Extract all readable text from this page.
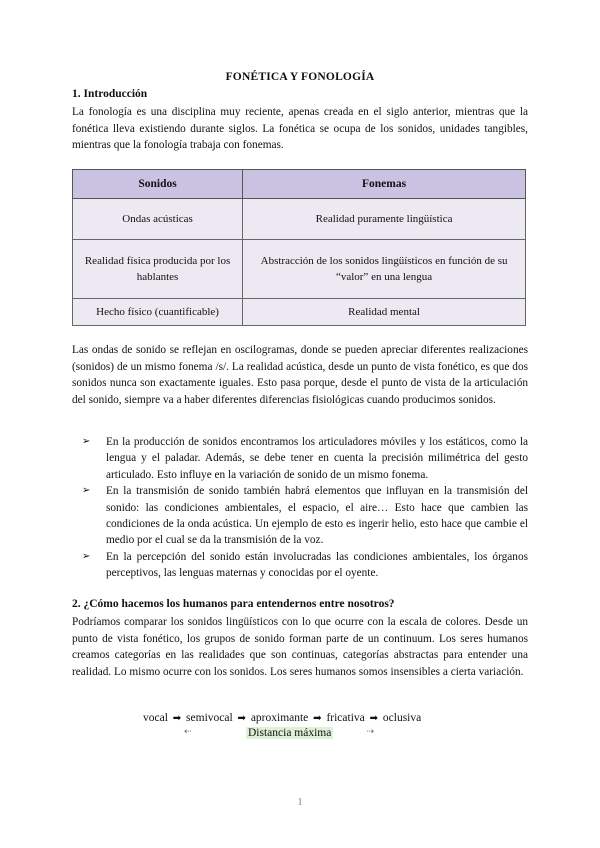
FONÉTICA Y FONOLOGÍA
1. Introducción
La fonología es una disciplina muy reciente, apenas creada en el siglo anterior, mientras que la fonética lleva existiendo durante siglos. La fonética se ocupa de los sonidos, unidades tangibles, mientras que la fonología trabaja con fonemas.
Sonidos	Fonemas
Ondas acústicas	Realidad puramente lingüística
Realidad física producida por los hablantes	Abstracción de los sonidos lingüísticos en función de su “valor” en una lengua
Hecho físico (cuantificable)	Realidad mental
Las ondas de sonido se reflejan en oscilogramas, donde se pueden apreciar diferentes realizaciones (sonidos) de un mismo fonema /s/. La realidad acústica, desde un punto de vista fonético, es que dos sonidos nunca son exactamente iguales. Esto pasa porque, desde el punto de vista de la articulación del sonido, siempre va a haber diferentes diferencias fisiológicas cuando producimos sonidos.
➢ En la producción de sonidos encontramos los articuladores móviles y los estáticos, como la lengua y el paladar. Además, se debe tener en cuenta la precisión milimétrica del gesto articulado. Esto influye en la variación de sonido de un mismo fonema.
➢ En la transmisión de sonido también habrá elementos que influyan en la transmisión del sonido: las condiciones ambientales, el espacio, el aire… Esto hace que cambien las condiciones de la onda acústica. Un ejemplo de esto es ingerir helio, esto hace que cambie el medio por el cual se da la transmisión de la voz.
➢ En la percepción del sonido están involucradas las condiciones ambientales, los órganos perceptivos, las lenguas maternas y conocidas por el oyente.
2. ¿Cómo hacemos los humanos para entendernos entre nosotros?
Podríamos comparar los sonidos lingüísticos con lo que ocurre con la escala de colores. Desde un punto de vista fonético, los grupos de sonido forman parte de un continuum. Los seres humanos creamos categorías en las realidades que son continuas, categorías abstractas para entender una realidad. Lo mismo ocurre con los sonidos. Los seres humanos somos insensibles a cierta variación.
vocal ➡ semivocal ➡ aproximante ➡ fricativa ➡ oclusiva
⇠	Distancia máxima	⇢
1
